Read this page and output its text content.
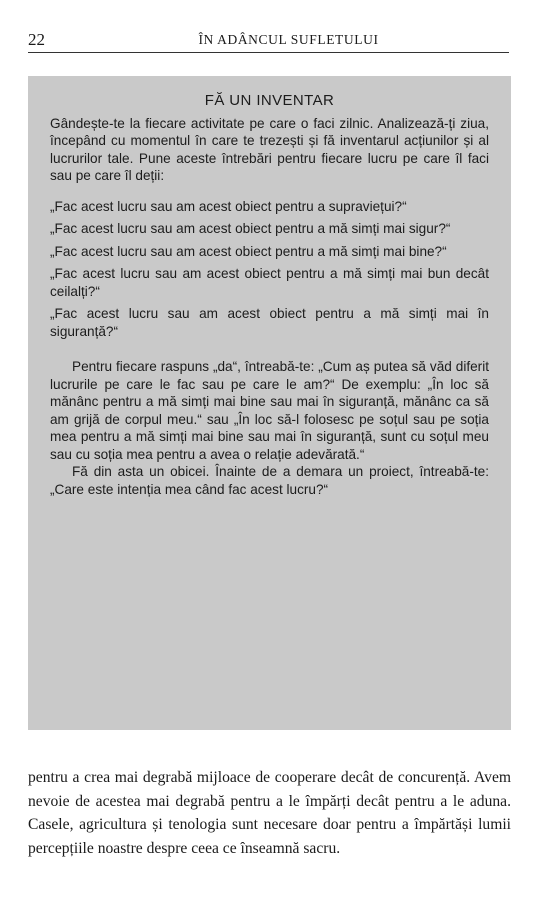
22	ÎN ADÂNCUL SUFLETULUI
FĂ UN INVENTAR

Gândește-te la fiecare activitate pe care o faci zilnic. Analizează-ți ziua, începând cu momentul în care te trezești și fă inventarul acțiunilor și al lucrurilor tale. Pune aceste întrebări pentru fiecare lucru pe care îl faci sau pe care îl deții:

„Fac acest lucru sau am acest obiect pentru a supraviețui?“

„Fac acest lucru sau am acest obiect pentru a mă simți mai sigur?“

„Fac acest lucru sau am acest obiect pentru a mă simți mai bine?“

„Fac acest lucru sau am acest obiect pentru a mă simți mai bun decât ceilalți?“

„Fac acest lucru sau am acest obiect pentru a mă simți mai în siguranță?“

Pentru fiecare raspuns „da“, întreabă-te: „Cum aș putea să văd diferit lucrurile pe care le fac sau pe care le am?“ De exemplu: „În loc să mănânc pentru a mă simți mai bine sau mai în siguranță, mănânc ca să am grijă de corpul meu.“ sau „În loc să-l folosesc pe soțul sau pe soția mea pentru a mă simți mai bine sau mai în siguranță, sunt cu soțul meu sau cu soția mea pentru a avea o relație adevărată.“

Fă din asta un obicei. Înainte de a demara un proiect, întreabă-te: „Care este intenția mea când fac acest lucru?“

pentru a crea mai degrabă mijloace de cooperare decât de concurență. Avem nevoie de acestea mai degrabă pentru a le împărți decât pentru a le aduna. Casele, agricultura și tenologia sunt necesare doar pentru a împărtăși lumii percepțiile noastre despre ceea ce înseamnă sacru.
